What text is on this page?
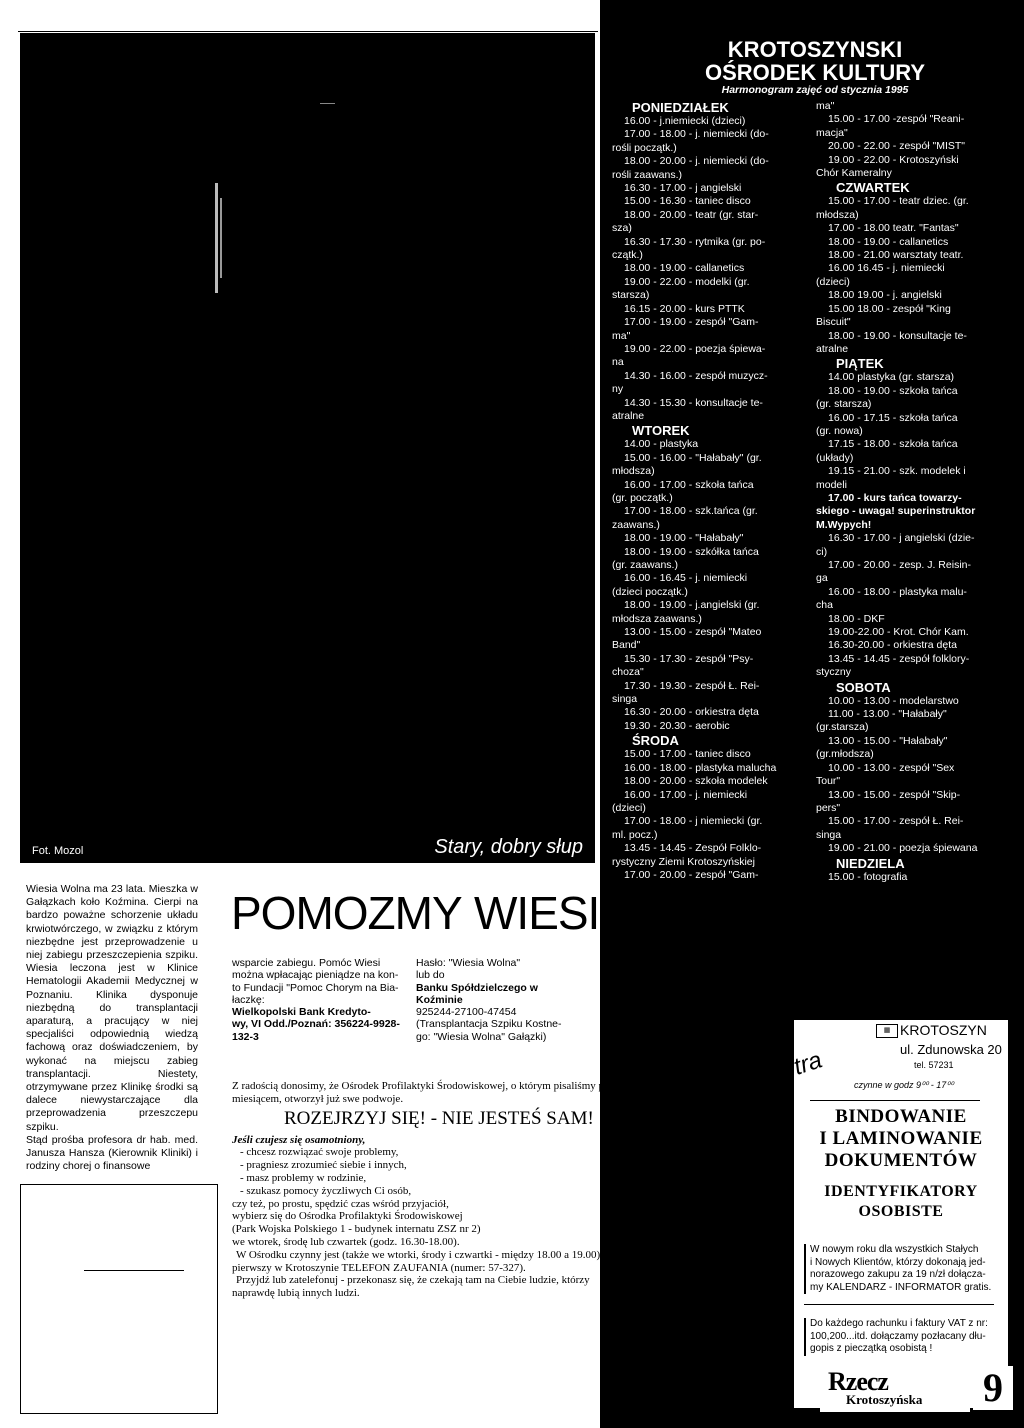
Fot. Mozol	Stary, dobry słup
KROTOSZYNSKI
OŚRODEK KULTURY
Harmonogram zajęć od stycznia 1995
PONIEDZIAŁEK
16.00 - j.niemiecki (dzieci)
17.00 - 18.00 - j. niemiecki (do-
rośli początk.)
18.00 - 20.00 - j. niemiecki (do-
rośli zaawans.)
16.30 - 17.00 - j angielski
15.00 - 16.30 - taniec disco
18.00 - 20.00 - teatr (gr. star-
sza)
16.30 - 17.30 - rytmika (gr. po-
czątk.)
18.00 - 19.00 - callanetics
19.00 - 22.00 - modelki (gr.
starsza)
16.15 - 20.00 - kurs PTTK
17.00 - 19.00 - zespół "Gam-
ma"
19.00 - 22.00 - poezja śpiewa-
na
14.30 - 16.00 - zespół muzycz-
ny
14.30 - 15.30 - konsultacje te-
atralne
WTOREK
14.00 - plastyka
15.00 - 16.00 - "Hałabały" (gr.
młodsza)
16.00 - 17.00 - szkoła tańca
(gr. początk.)
17.00 - 18.00 - szk.tańca (gr.
zaawans.)
18.00 - 19.00 - "Hałabały"
18.00 - 19.00 - szkółka tańca
(gr. zaawans.)
16.00 - 16.45 - j. niemiecki
(dzieci początk.)
18.00 - 19.00 - j.angielski (gr.
młodsza zaawans.)
13.00 - 15.00 - zespół "Mateo
Band"
15.30 - 17.30 - zespół "Psy-
choza"
17.30 - 19.30 - zespół Ł. Rei-
singa
16.30 - 20.00 - orkiestra dęta
19.30 - 20.30 - aerobic
ŚRODA
15.00 - 17.00 - taniec disco
16.00 - 18.00 - plastyka malucha
18.00 - 20.00 - szkoła modelek
16.00 - 17.00 - j. niemiecki
(dzieci)
17.00 - 18.00 - j niemiecki (gr.
ml. pocz.)
13.45 - 14.45 - Zespół Folklo-
rystyczny Ziemi Krotoszyńskiej
17.00 - 20.00 - zespół "Gam-
ma"
15.00 - 17.00 -zespół "Reani-
macja"
20.00 - 22.00 - zespół "MIST"
19.00 - 22.00 - Krotoszyński
Chór Kameralny
CZWARTEK
15.00 - 17.00 - teatr dziec. (gr.
młodsza)
17.00 - 18.00 teatr. "Fantas"
18.00 - 19.00 - callanetics
18.00 - 21.00 warsztaty teatr.
16.00 16.45 - j. niemiecki
(dzieci)
18.00 19.00 - j. angielski
15.00 18.00 - zespół "King
Biscuit"
18.00 - 19.00 - konsultacje te-
atralne
PIĄTEK
14.00 plastyka (gr. starsza)
18.00 - 19.00 - szkoła tańca
(gr. starsza)
16.00 - 17.15 - szkoła tańca
(gr. nowa)
17.15 - 18.00 - szkoła tańca
(układy)
19.15 - 21.00 - szk. modelek i
modeli
17.00 - kurs tańca towarzy-
skiego - uwaga! superinstruktor
M.Wypych!
16.30 - 17.00 - j angielski (dzie-
ci)
17.00 - 20.00 - zesp. J. Reisin-
ga
16.00 - 18.00 - plastyka malu-
cha
18.00 - DKF
19.00-22.00 - Krot. Chór Kam.
16.30-20.00 - orkiestra dęta
13.45 - 14.45 - zespół folklory-
styczny
SOBOTA
10.00 - 13.00 - modelarstwo
11.00 - 13.00 - "Hałabały"
(gr.starsza)
13.00 - 15.00 - "Hałabały"
(gr.młodsza)
10.00 - 13.00 - zespół "Sex
Tour"
13.00 - 15.00 - zespół "Skip-
pers"
15.00 - 17.00 - zespół Ł. Rei-
singa
19.00 - 21.00 - poezja śpiewana
NIEDZIELA
15.00 - fotografia

Wiesia Wolna ma 23 lata. Mieszka w Gałązkach koło Koźmina. Cierpi na bardzo poważne schorzenie układu krwiotwórczego, w związku z którym niezbędne jest przeprowadzenie u niej zabiegu przeszczepienia szpiku. Wiesia leczona jest w Klinice Hematologii Akademii Medycznej w Poznaniu. Klinika dysponuje niezbędną do transplantacji aparaturą, a pracujący w niej specjaliści odpowiednią wiedzą fachową oraz doświadczeniem, by wykonać na miejscu zabieg transplantacji. Niestety, otrzymywane przez Klinikę środki są dalece niewystarczające dla przeprowadzenia przeszczepu szpiku.

Stąd prośba profesora dr hab. med. Janusza Hansza (Kierownik Kliniki) i rodziny chorej o finansowe

POMOZMY WIESI
wsparcie zabiegu. Pomóc Wiesi
można wpłacając pieniądze na kon-
to Fundacji "Pomoc Chorym na Bia-
łaczkę:
Wielkopolski Bank Kredyto-
wy, VI Odd./Poznań: 356224-9928-
132-3
Hasło: "Wiesia Wolna"
lub do
Banku Spółdzielczego w
Koźminie
925244-27100-47454
(Transplantacja Szpiku Kostne-
go: "Wiesia Wolna" Gałązki)
Z radością donosimy, że Ośrodek Profilaktyki Środowiskowej, o którym pisaliśmy przed
miesiącem, otworzył już swe podwoje.
ROZEJRZYJ SIĘ! - NIE JESTEŚ SAM!
Jeśli czujesz się osamotniony,
- chcesz rozwiązać swoje problemy,
- pragniesz zrozumieć siebie i innych,
- masz problemy w rodzinie,
- szukasz pomocy życzliwych Ci osób,
czy też, po prostu, spędzić czas wśród przyjaciół,
wybierz się do Ośrodka Profilaktyki Środowiskowej
(Park Wojska Polskiego 1 - budynek internatu ZSZ nr 2)
we wtorek, środę lub czwartek (godz. 16.30-18.00).
W Ośrodku czynny jest (także we wtorki, środy i czwartki - między 18.00 a 19.00)
pierwszy w Krotoszynie TELEFON ZAUFANIA (numer: 57-327).
Przyjdź lub zatelefonuj - przekonasz się, że czekają tam na Ciebie ludzie, którzy
naprawdę lubią innych ludzi.
tra
▦ KROTOSZYN
ul. Zdunowska 20
tel. 57231
czynne w godz 9⁰⁰ - 17⁰⁰
BINDOWANIE
I LAMINOWANIE
DOKUMENTÓW
IDENTYFIKATORY
OSOBISTE
W nowym roku dla wszystkich Stałych
i Nowych Klientów, którzy dokonają jed-
norazowego zakupu za 19 n/zł dołącza-
my KALENDARZ - INFORMATOR gratis.
Do każdego rachunku i faktury VAT z nr:
100,200...itd. dołączamy pozłacany dłu-
gopis z pieczątką osobistą !
Rzecz
Krotoszyńska 9
